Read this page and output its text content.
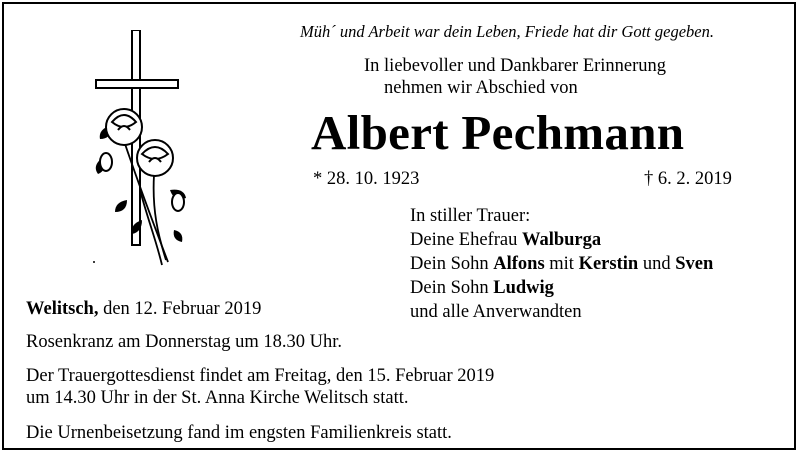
Müh´ und Arbeit war dein Leben, Friede hat dir Gott gegeben.
In liebevoller und Dankbarer Erinnerung
nehmen wir Abschied von
Albert Pechmann
* 28. 10. 1923	† 6. 2. 2019
In stiller Trauer:
Deine Ehefrau Walburga
Dein Sohn Alfons mit Kerstin und Sven
Dein Sohn Ludwig
und alle Anverwandten
Welitsch, den 12. Februar 2019
Rosenkranz am Donnerstag um 18.30 Uhr.
Der Trauergottesdienst findet am Freitag, den 15. Februar 2019
um 14.30 Uhr in der St. Anna Kirche Welitsch statt.
Die Urnenbeisetzung fand im engsten Familienkreis statt.
